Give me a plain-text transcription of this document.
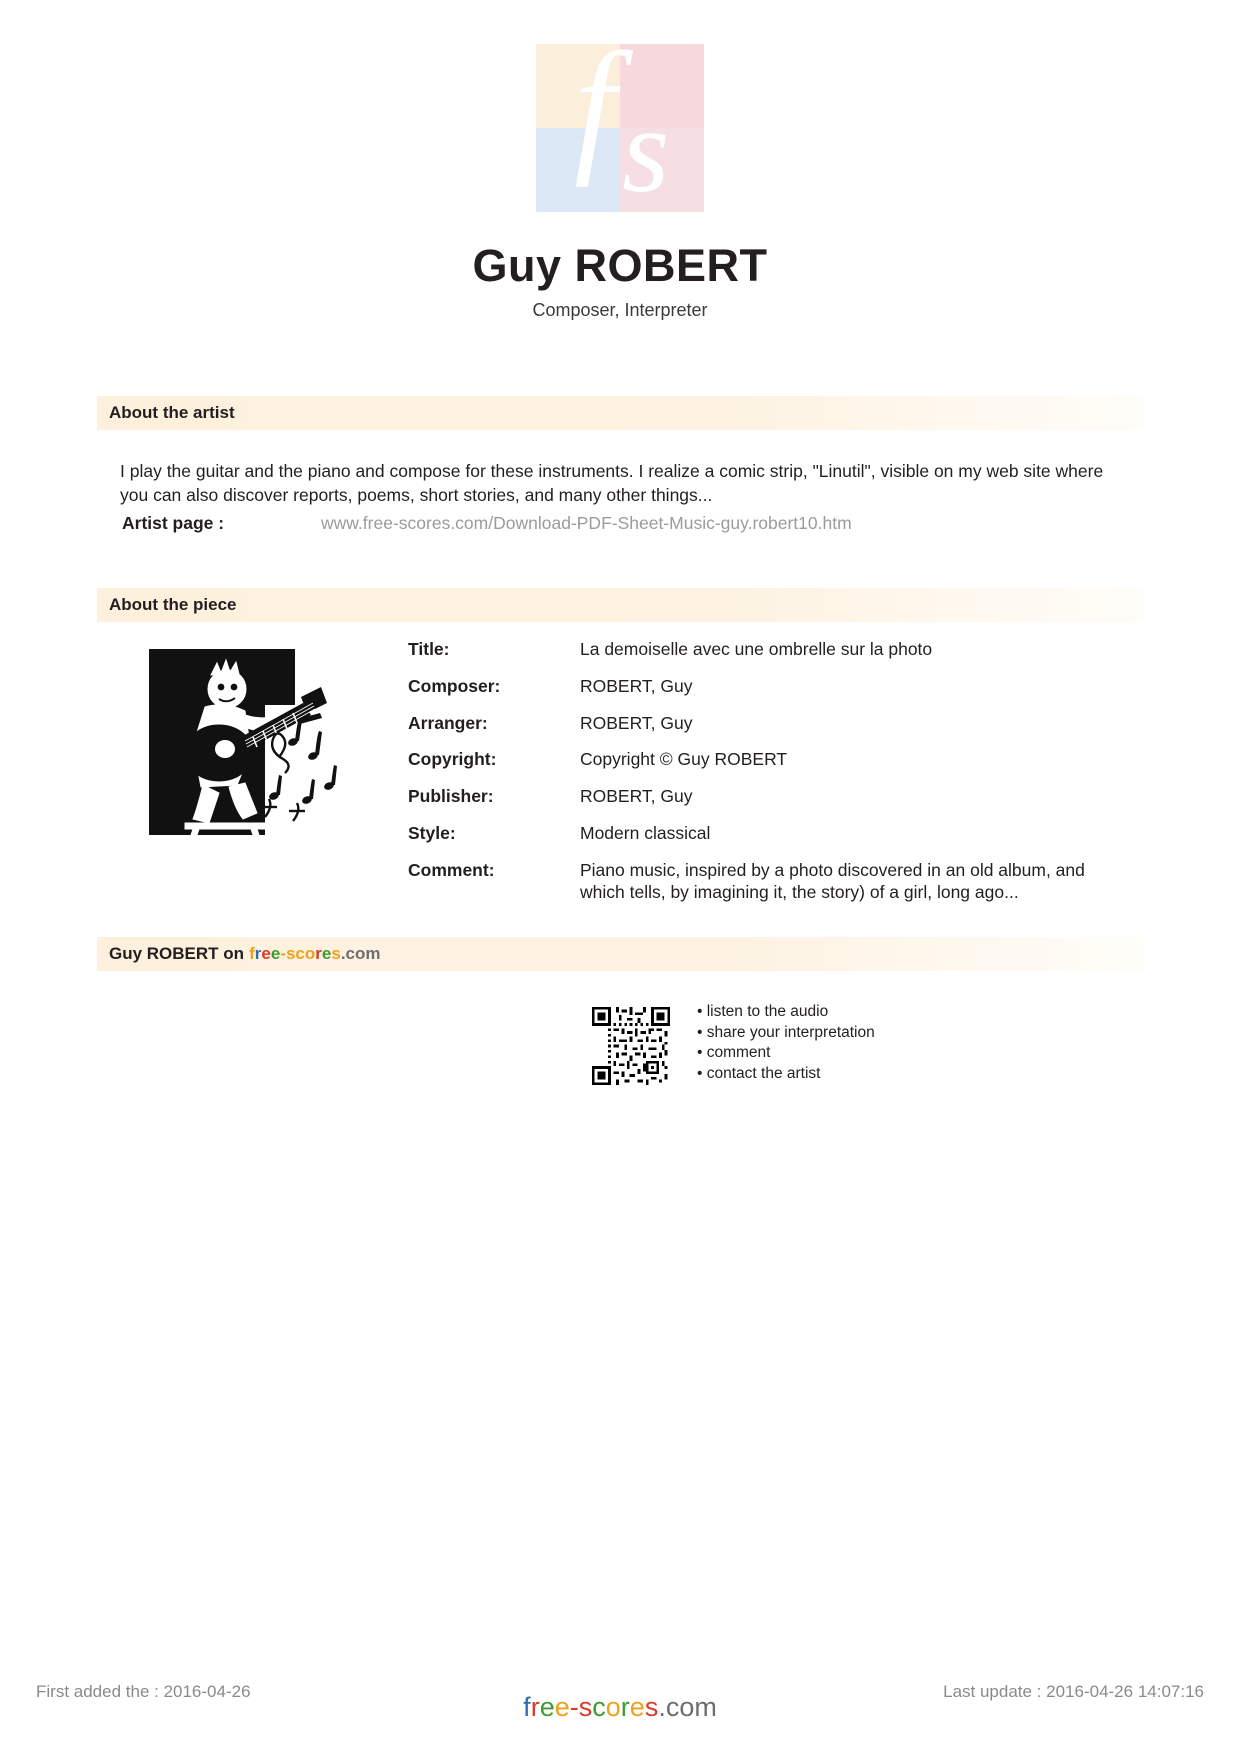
f s
Guy ROBERT
Composer, Interpreter
About the artist
I play the guitar and the piano and compose for these instruments. I realize a comic strip, "Linutil", visible on my web site where you can also discover reports, poems, short stories, and many other things...
Artist page :	www.free-scores.com/Download-PDF-Sheet-Music-guy.robert10.htm
About the piece
Title:	La demoiselle avec une ombrelle sur la photo
Composer:	ROBERT, Guy
Arranger:	ROBERT, Guy
Copyright:	Copyright © Guy ROBERT
Publisher:	ROBERT, Guy
Style:	Modern classical
Comment:	Piano music, inspired by a photo discovered in an old album, and which tells, by imagining it, the story) of a girl, long ago...
Guy ROBERT on free-scores.com
• listen to the audio
• share your interpretation
• comment
• contact the artist
First added the : 2016-04-26	Last update : 2016-04-26 14:07:16
free-scores.com
